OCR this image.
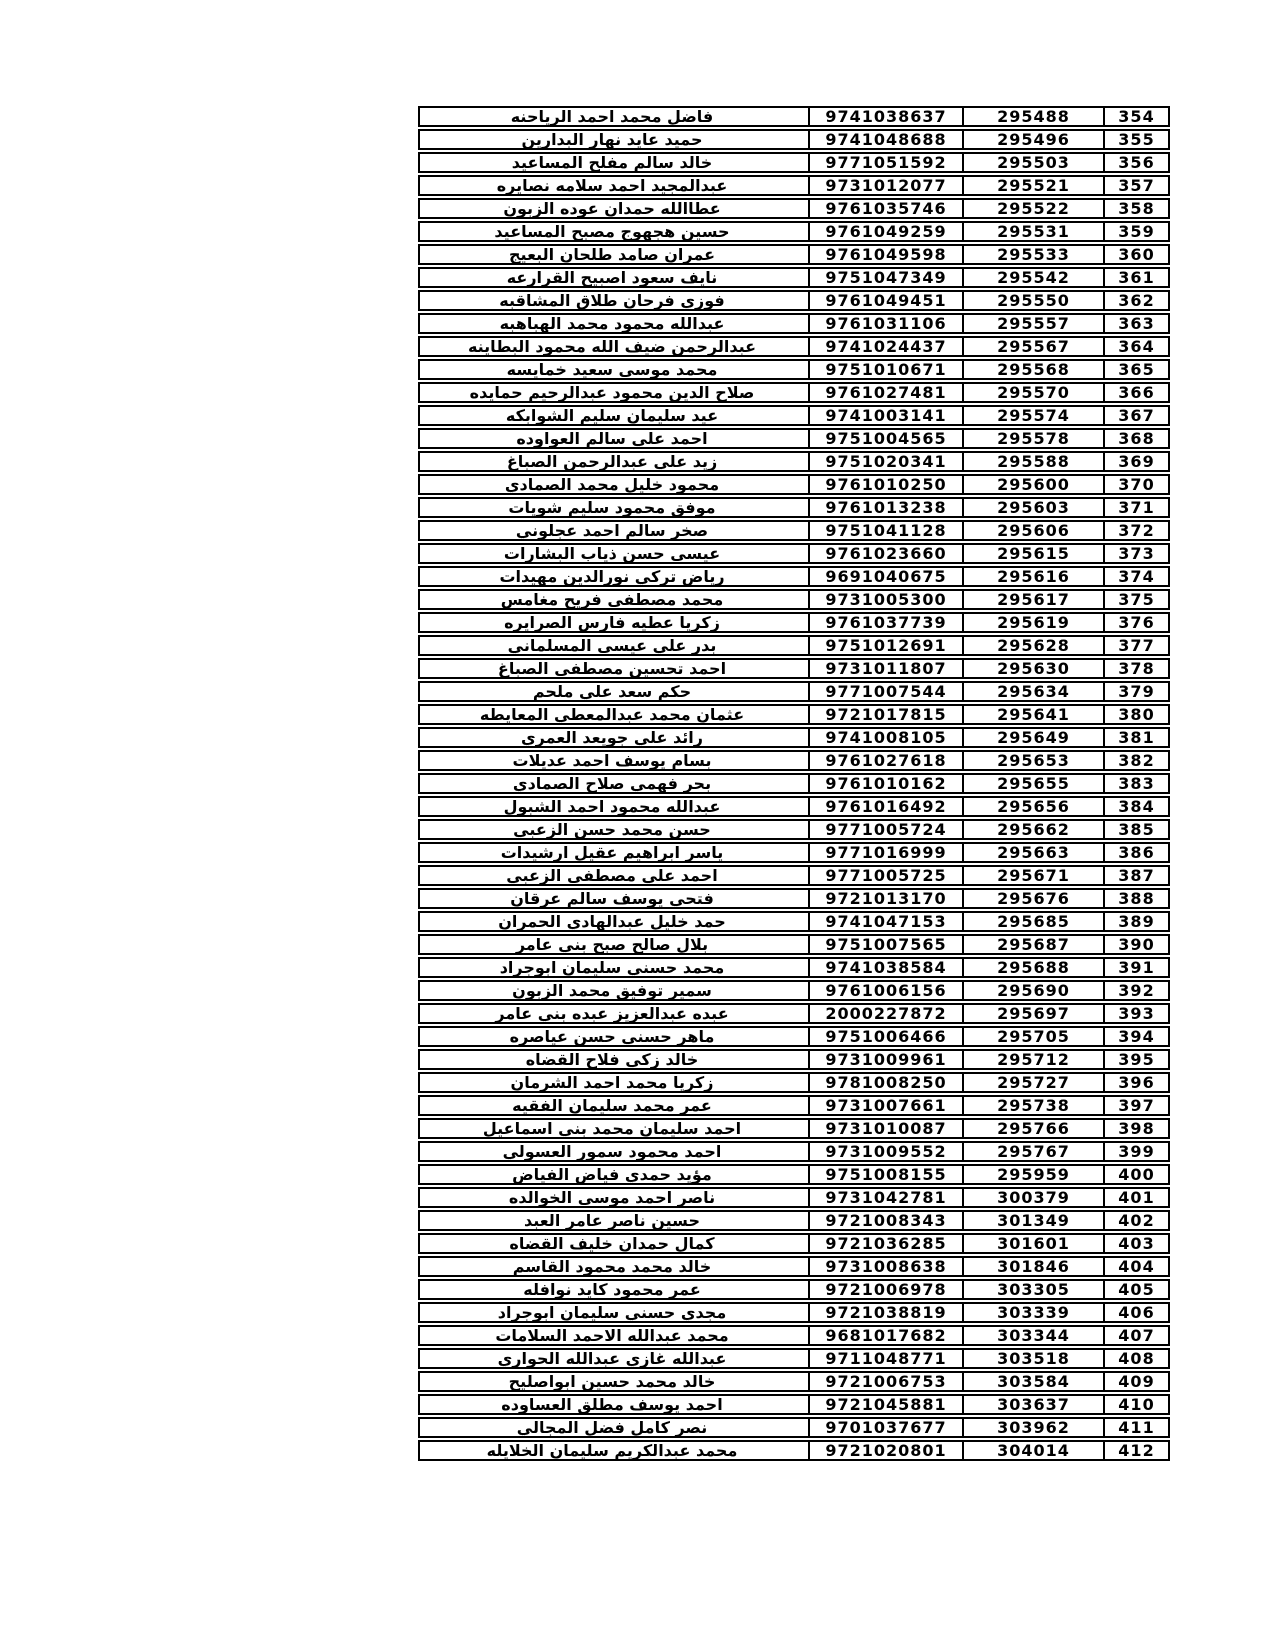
فاضل محمد احمد الرياحنه	9741038637	295488	354
حميد عايد نهار البدارين	9741048688	295496	355
خالد سالم مفلح المساعيد	9771051592	295503	356
عبدالمجيد احمد سلامه نصايره	9731012077	295521	357
عطاالله حمدان عوده الزبون	9761035746	295522	358
حسين هجهوج مصبح المساعيد	9761049259	295531	359
عمران صامد طلحان البعيج	9761049598	295533	360
نايف سعود اصبيح القرارعه	9751047349	295542	361
فوزي فرحان طلاق المشاقبه	9761049451	295550	362
عبدالله محمود محمد الهباهبه	9761031106	295557	363
عبدالرحمن ضيف الله محمود البطاينه	9741024437	295567	364
محمد موسى سعيد خمايسه	9751010671	295568	365
صلاح الدين محمود عبدالرحيم حمايده	9761027481	295570	366
عيد سليمان سليم الشوابكه	9741003141	295574	367
احمد علي سالم العواوده	9751004565	295578	368
زيد علي عبدالرحمن الصباغ	9751020341	295588	369
محمود خليل محمد الصمادي	9761010250	295600	370
موفق محمود سليم شويات	9761013238	295603	371
صخر سالم احمد عجلوني	9751041128	295606	372
عيسى حسن ذياب البشارات	9761023660	295615	373
رياض تركي نورالدين مهيدات	9691040675	295616	374
محمد مصطفى فريح مغامس	9731005300	295617	375
زكريا عطيه فارس الصرايره	9761037739	295619	376
بدر علي عيسى المسلماني	9751012691	295628	377
احمد تحسين مصطفى الصباغ	9731011807	295630	378
حكم سعد علي ملحم	9771007544	295634	379
عثمان محمد عبدالمعطي المعايطه	9721017815	295641	380
رائد علي جويعد العمري	9741008105	295649	381
بسام يوسف احمد عديلات	9761027618	295653	382
بحر فهمي صلاح الصمادي	9761010162	295655	383
عبدالله محمود احمد الشبول	9761016492	295656	384
حسن محمد حسن الزعبي	9771005724	295662	385
ياسر ابراهيم عقيل ارشيدات	9771016999	295663	386
احمد علي مصطفى الزعبي	9771005725	295671	387
فتحي يوسف سالم عرقان	9721013170	295676	388
حمد خليل عبدالهادي الحمران	9741047153	295685	389
بلال صالح صبح بني عامر	9751007565	295687	390
محمد حسني سليمان ابوجراد	9741038584	295688	391
سمير توفيق محمد الزبون	9761006156	295690	392
عبده عبدالعزيز عبده بني عامر	2000227872	295697	393
ماهر حسني حسن عياصره	9751006466	295705	394
خالد زكي فلاح القضاه	9731009961	295712	395
زكريا محمد احمد الشرمان	9781008250	295727	396
عمر محمد سليمان الفقيه	9731007661	295738	397
احمد سليمان محمد بني اسماعيل	9731010087	295766	398
احمد محمود سمور العسولي	9731009552	295767	399
مؤيد حمدي فياض الفياض	9751008155	295959	400
ناصر احمد موسى الخوالده	9731042781	300379	401
حسين ناصر عامر العبد	9721008343	301349	402
كمال حمدان خليف القضاه	9721036285	301601	403
خالد محمد محمود القاسم	9731008638	301846	404
عمر محمود كايد نوافله	9721006978	303305	405
مجدي حسني سليمان ابوجراد	9721038819	303339	406
محمد عبدالله الاحمد السلامات	9681017682	303344	407
عبدالله غازي عبدالله الحواري	9711048771	303518	408
خالد محمد حسين ابواصليح	9721006753	303584	409
احمد يوسف مطلق العساوده	9721045881	303637	410
نصر كامل فضل المجالي	9701037677	303962	411
محمد عبدالكريم سليمان الخلايله	9721020801	304014	412
